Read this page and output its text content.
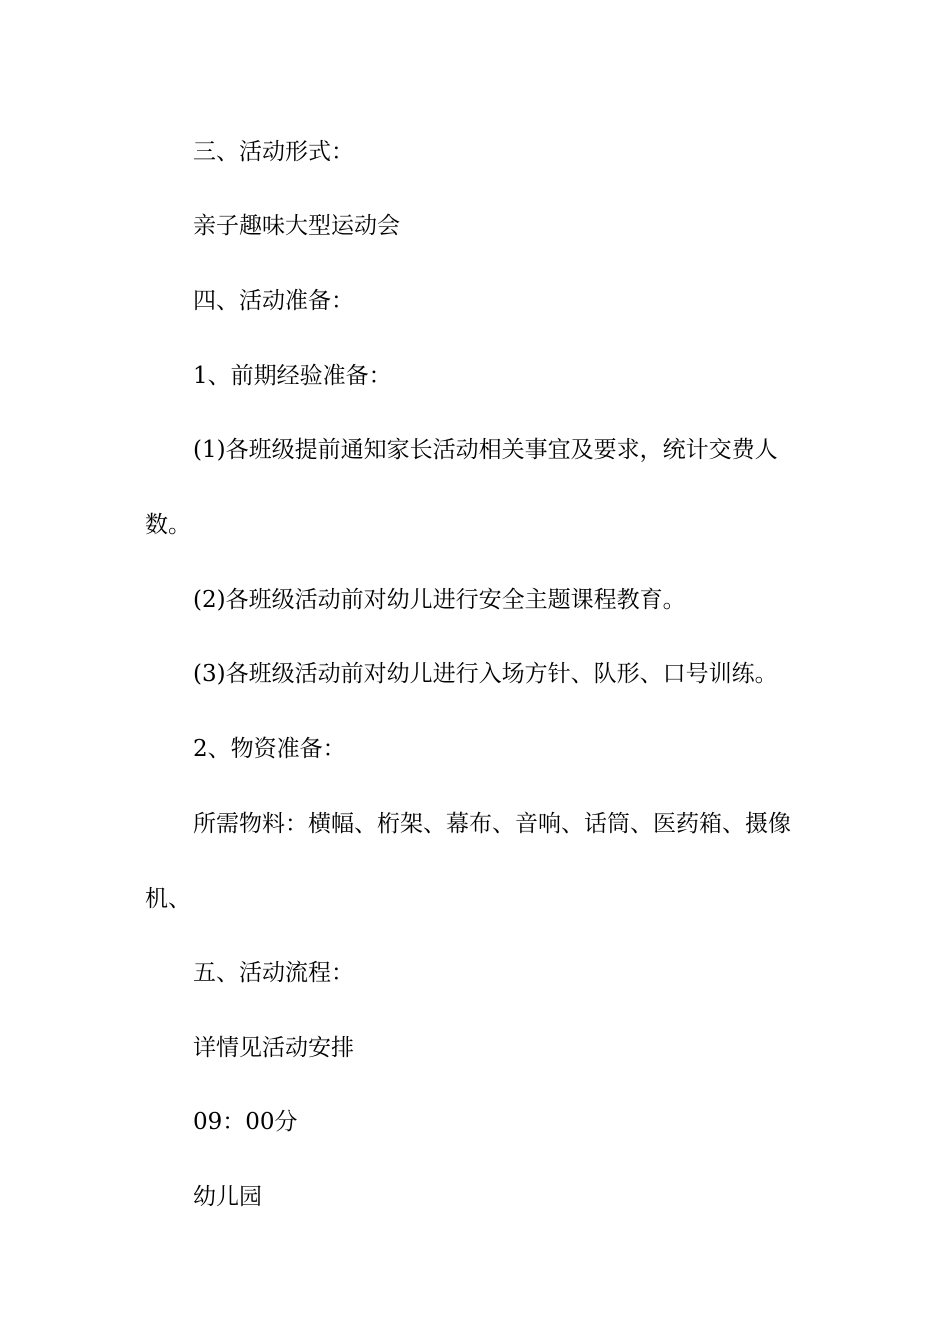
三、活动形式：

亲子趣味大型运动会

四、活动准备：

1、前期经验准备：

(1)各班级提前通知家长活动相关事宜及要求，统计交费人数。

(2)各班级活动前对幼儿进行安全主题课程教育。

(3)各班级活动前对幼儿进行入场方针、队形、口号训练。

2、物资准备：

所需物料：横幅、桁架、幕布、音响、话筒、医药箱、摄像机、

五、活动流程：

详情见活动安排

09：00分

幼儿园
